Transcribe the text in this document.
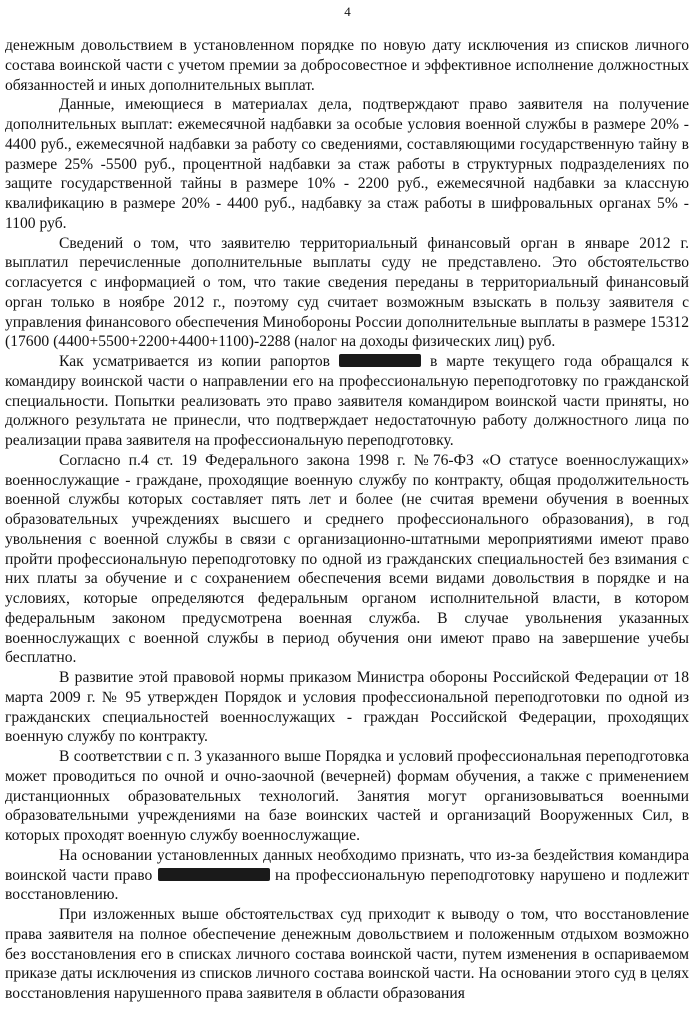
4

денежным довольствием в установленном порядке по новую дату исключения из списков личного состава воинской части с учетом премии за добросовестное и эффективное исполнение должностных обязанностей и иных дополнительных выплат.

Данные, имеющиеся в материалах дела, подтверждают право заявителя на получение дополнительных выплат: ежемесячной надбавки за особые условия военной службы в размере 20% - 4400 руб., ежемесячной надбавки за работу со сведениями, составляющими государственную тайну в размере 25% -5500 руб., процентной надбавки за стаж работы в структурных подразделениях по защите государственной тайны в размере 10% - 2200 руб., ежемесячной надбавки за классную квалификацию в размере 20% - 4400 руб., надбавку за стаж работы в шифровальных органах 5% - 1100 руб.

Сведений о том, что заявителю территориальный финансовый орган в январе 2012 г. выплатил перечисленные дополнительные выплаты суду не представлено. Это обстоятельство согласуется с информацией о том, что такие сведения переданы в территориальный финансовый орган только в ноябре 2012 г., поэтому суд считает возможным взыскать в пользу заявителя с управления финансового обеспечения Минобороны России дополнительные выплаты в размере 15312 (17600 (4400+5500+2200+4400+1100)-2288 (налог на доходы физических лиц) руб.

Как усматривается из копии рапортов	в марте текущего года обращался к командиру воинской части о направлении его на профессиональную переподготовку по гражданской специальности. Попытки реализовать это право заявителя командиром воинской части приняты, но должного результата не принесли, что подтверждает недостаточную работу должностного лица по реализации права заявителя на профессиональную переподготовку.

Согласно п.4 ст. 19 Федерального закона 1998 г. №76-ФЗ «О статусе военнослужащих» военнослужащие - граждане, проходящие военную службу по контракту, общая продолжительность военной службы которых составляет пять лет и более (не считая времени обучения в военных образовательных учреждениях высшего и среднего профессионального образования), в год увольнения с военной службы в связи с организационно-штатными мероприятиями имеют право пройти профессиональную переподготовку по одной из гражданских специальностей без взимания с них платы за обучение и с сохранением обеспечения всеми видами довольствия в порядке и на условиях, которые определяются федеральным органом исполнительной власти, в котором федеральным законом предусмотрена военная служба. В случае увольнения указанных военнослужащих с военной службы в период обучения они имеют право на завершение учебы бесплатно.

В развитие этой правовой нормы приказом Министра обороны Российской Федерации от 18 марта 2009 г. № 95 утвержден Порядок и условия профессиональной переподготовки по одной из гражданских специальностей военнослужащих - граждан Российской Федерации, проходящих военную службу по контракту.

В соответствии с п. 3 указанного выше Порядка и условий профессиональная переподготовка может проводиться по очной и очно-заочной (вечерней) формам обучения, а также с применением дистанционных образовательных технологий. Занятия могут организовываться военными образовательными учреждениями на базе воинских частей и организаций Вооруженных Сил, в которых проходят военную службу военнослужащие.

На основании установленных данных необходимо признать, что из-за бездействия командира воинской части право	на профессиональную переподготовку нарушено и подлежит восстановлению.

При изложенных выше обстоятельствах суд приходит к выводу о том, что восстановление права заявителя на полное обеспечение денежным довольствием и положенным отдыхом возможно без восстановления его в списках личного состава воинской части, путем изменения в оспариваемом приказе даты исключения из списков личного состава воинской части. На основании этого суд в целях восстановления нарушенного права заявителя в области образования
